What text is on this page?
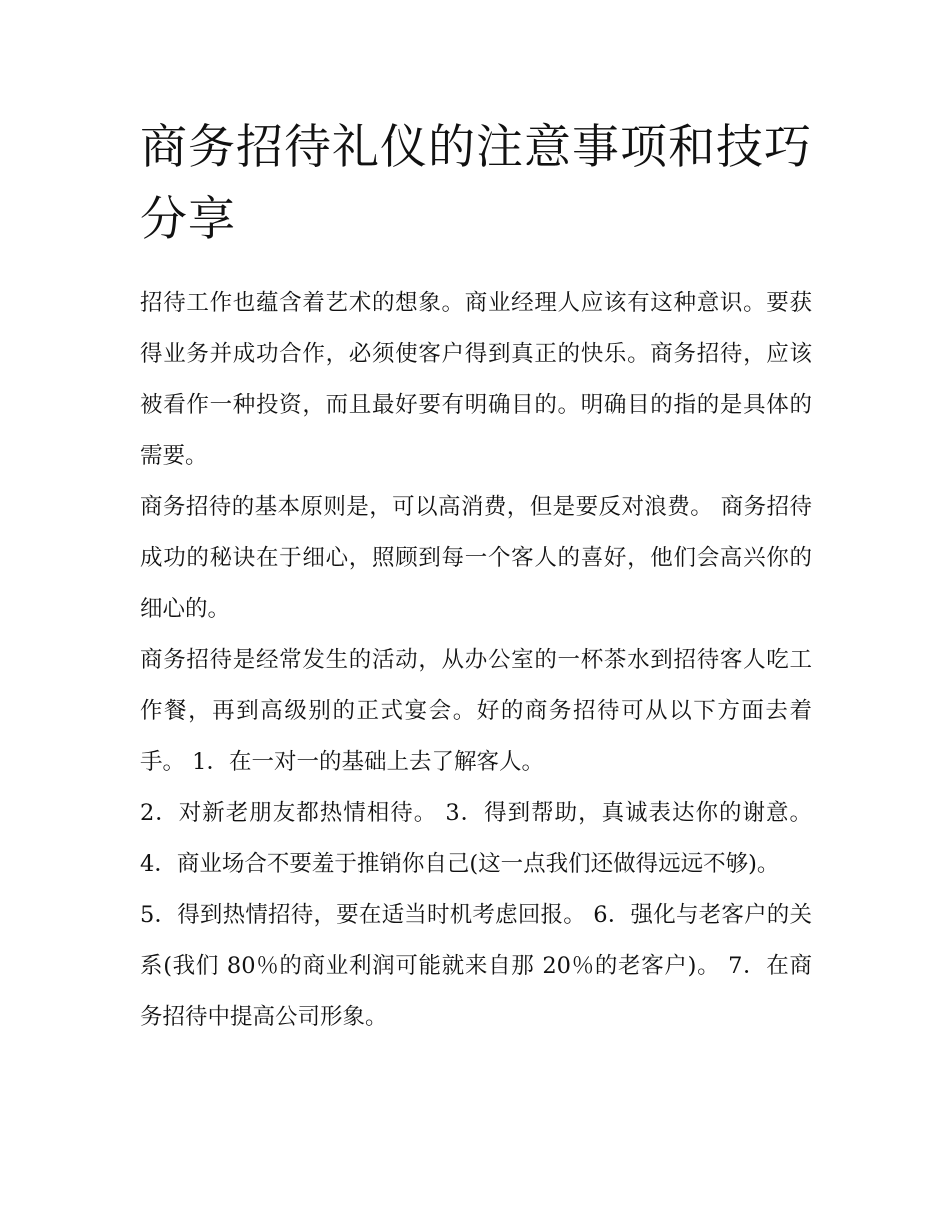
商务招待礼仪的注意事项和技巧分享

招待工作也蕴含着艺术的想象。商业经理人应该有这种意识。要获得业务并成功合作，必须使客户得到真正的快乐。商务招待，应该被看作一种投资，而且最好要有明确目的。明确目的指的是具体的需要。

商务招待的基本原则是，可以高消费，但是要反对浪费。 商务招待成功的秘诀在于细心，照顾到每一个客人的喜好，他们会高兴你的细心的。

商务招待是经常发生的活动，从办公室的一杯茶水到招待客人吃工作餐，再到高级别的正式宴会。好的商务招待可从以下方面去着手。 1．在一对一的基础上去了解客人。

2．对新老朋友都热情相待。 3．得到帮助，真诚表达你的谢意。 4．商业场合不要羞于推销你自己(这一点我们还做得远远不够)。

5．得到热情招待，要在适当时机考虑回报。 6．强化与老客户的关系(我们 80％的商业利润可能就来自那 20％的老客户)。 7．在商务招待中提高公司形象。
